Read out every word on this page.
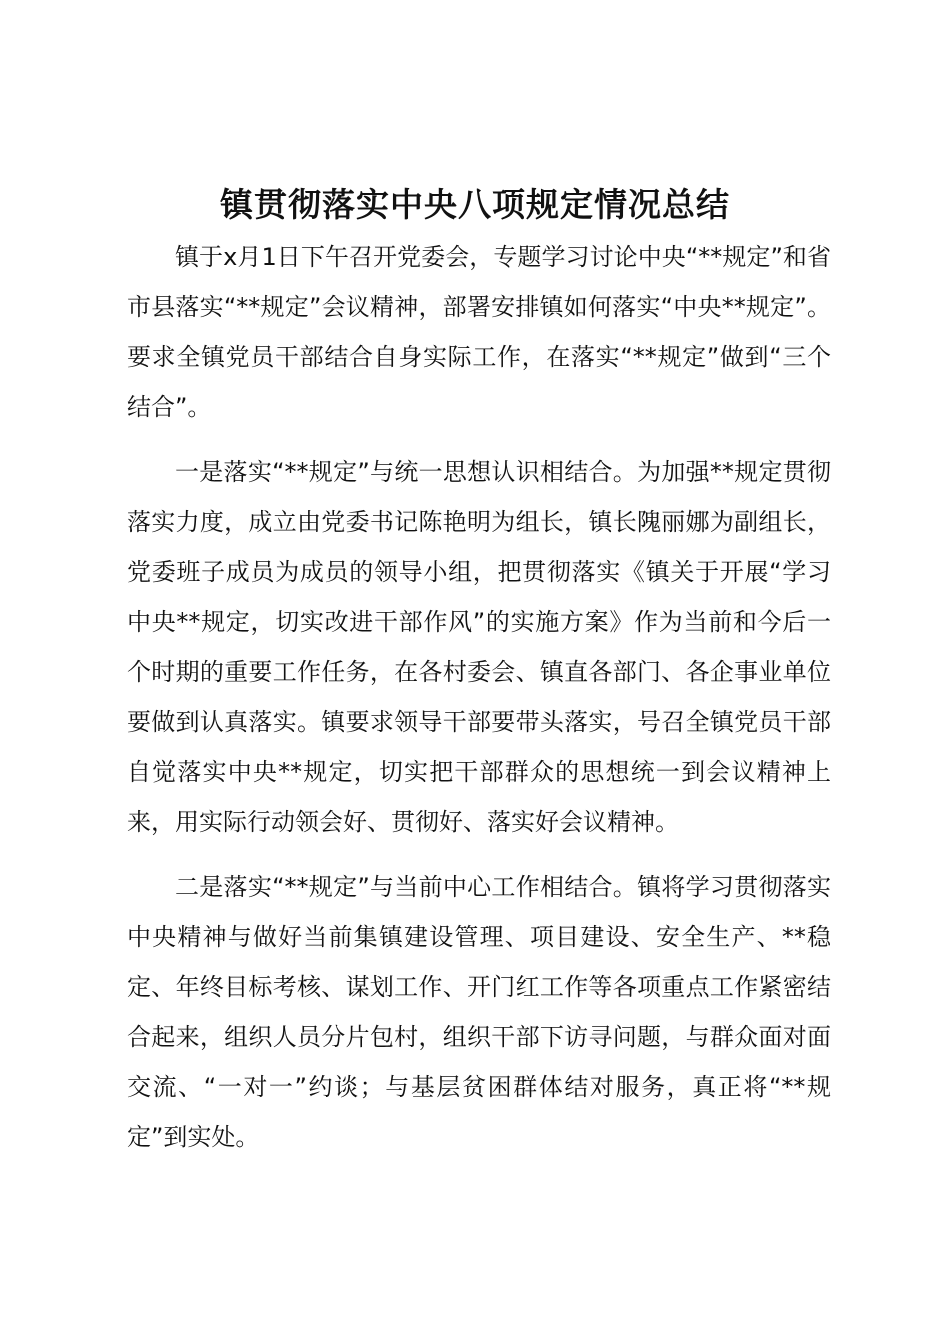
镇贯彻落实中央八项规定情况总结

镇于x月1日下午召开党委会，专题学习讨论中央“**规定”和省市县落实“**规定”会议精神，部署安排镇如何落实“中央**规定”。要求全镇党员干部结合自身实际工作，在落实“**规定”做到“三个结合”。

一是落实“**规定”与统一思想认识相结合。为加强**规定贯彻落实力度，成立由党委书记陈艳明为组长，镇长隗丽娜为副组长，党委班子成员为成员的领导小组，把贯彻落实《镇关于开展“学习中央**规定，切实改进干部作风”的实施方案》作为当前和今后一个时期的重要工作任务，在各村委会、镇直各部门、各企事业单位要做到认真落实。镇要求领导干部要带头落实，号召全镇党员干部自觉落实中央**规定，切实把干部群众的思想统一到会议精神上来，用实际行动领会好、贯彻好、落实好会议精神。

二是落实“**规定”与当前中心工作相结合。镇将学习贯彻落实中央精神与做好当前集镇建设管理、项目建设、安全生产、**稳定、年终目标考核、谋划工作、开门红工作等各项重点工作紧密结合起来，组织人员分片包村，组织干部下访寻问题，与群众面对面交流、“一对一”约谈；与基层贫困群体结对服务，真正将“**规定”到实处。
